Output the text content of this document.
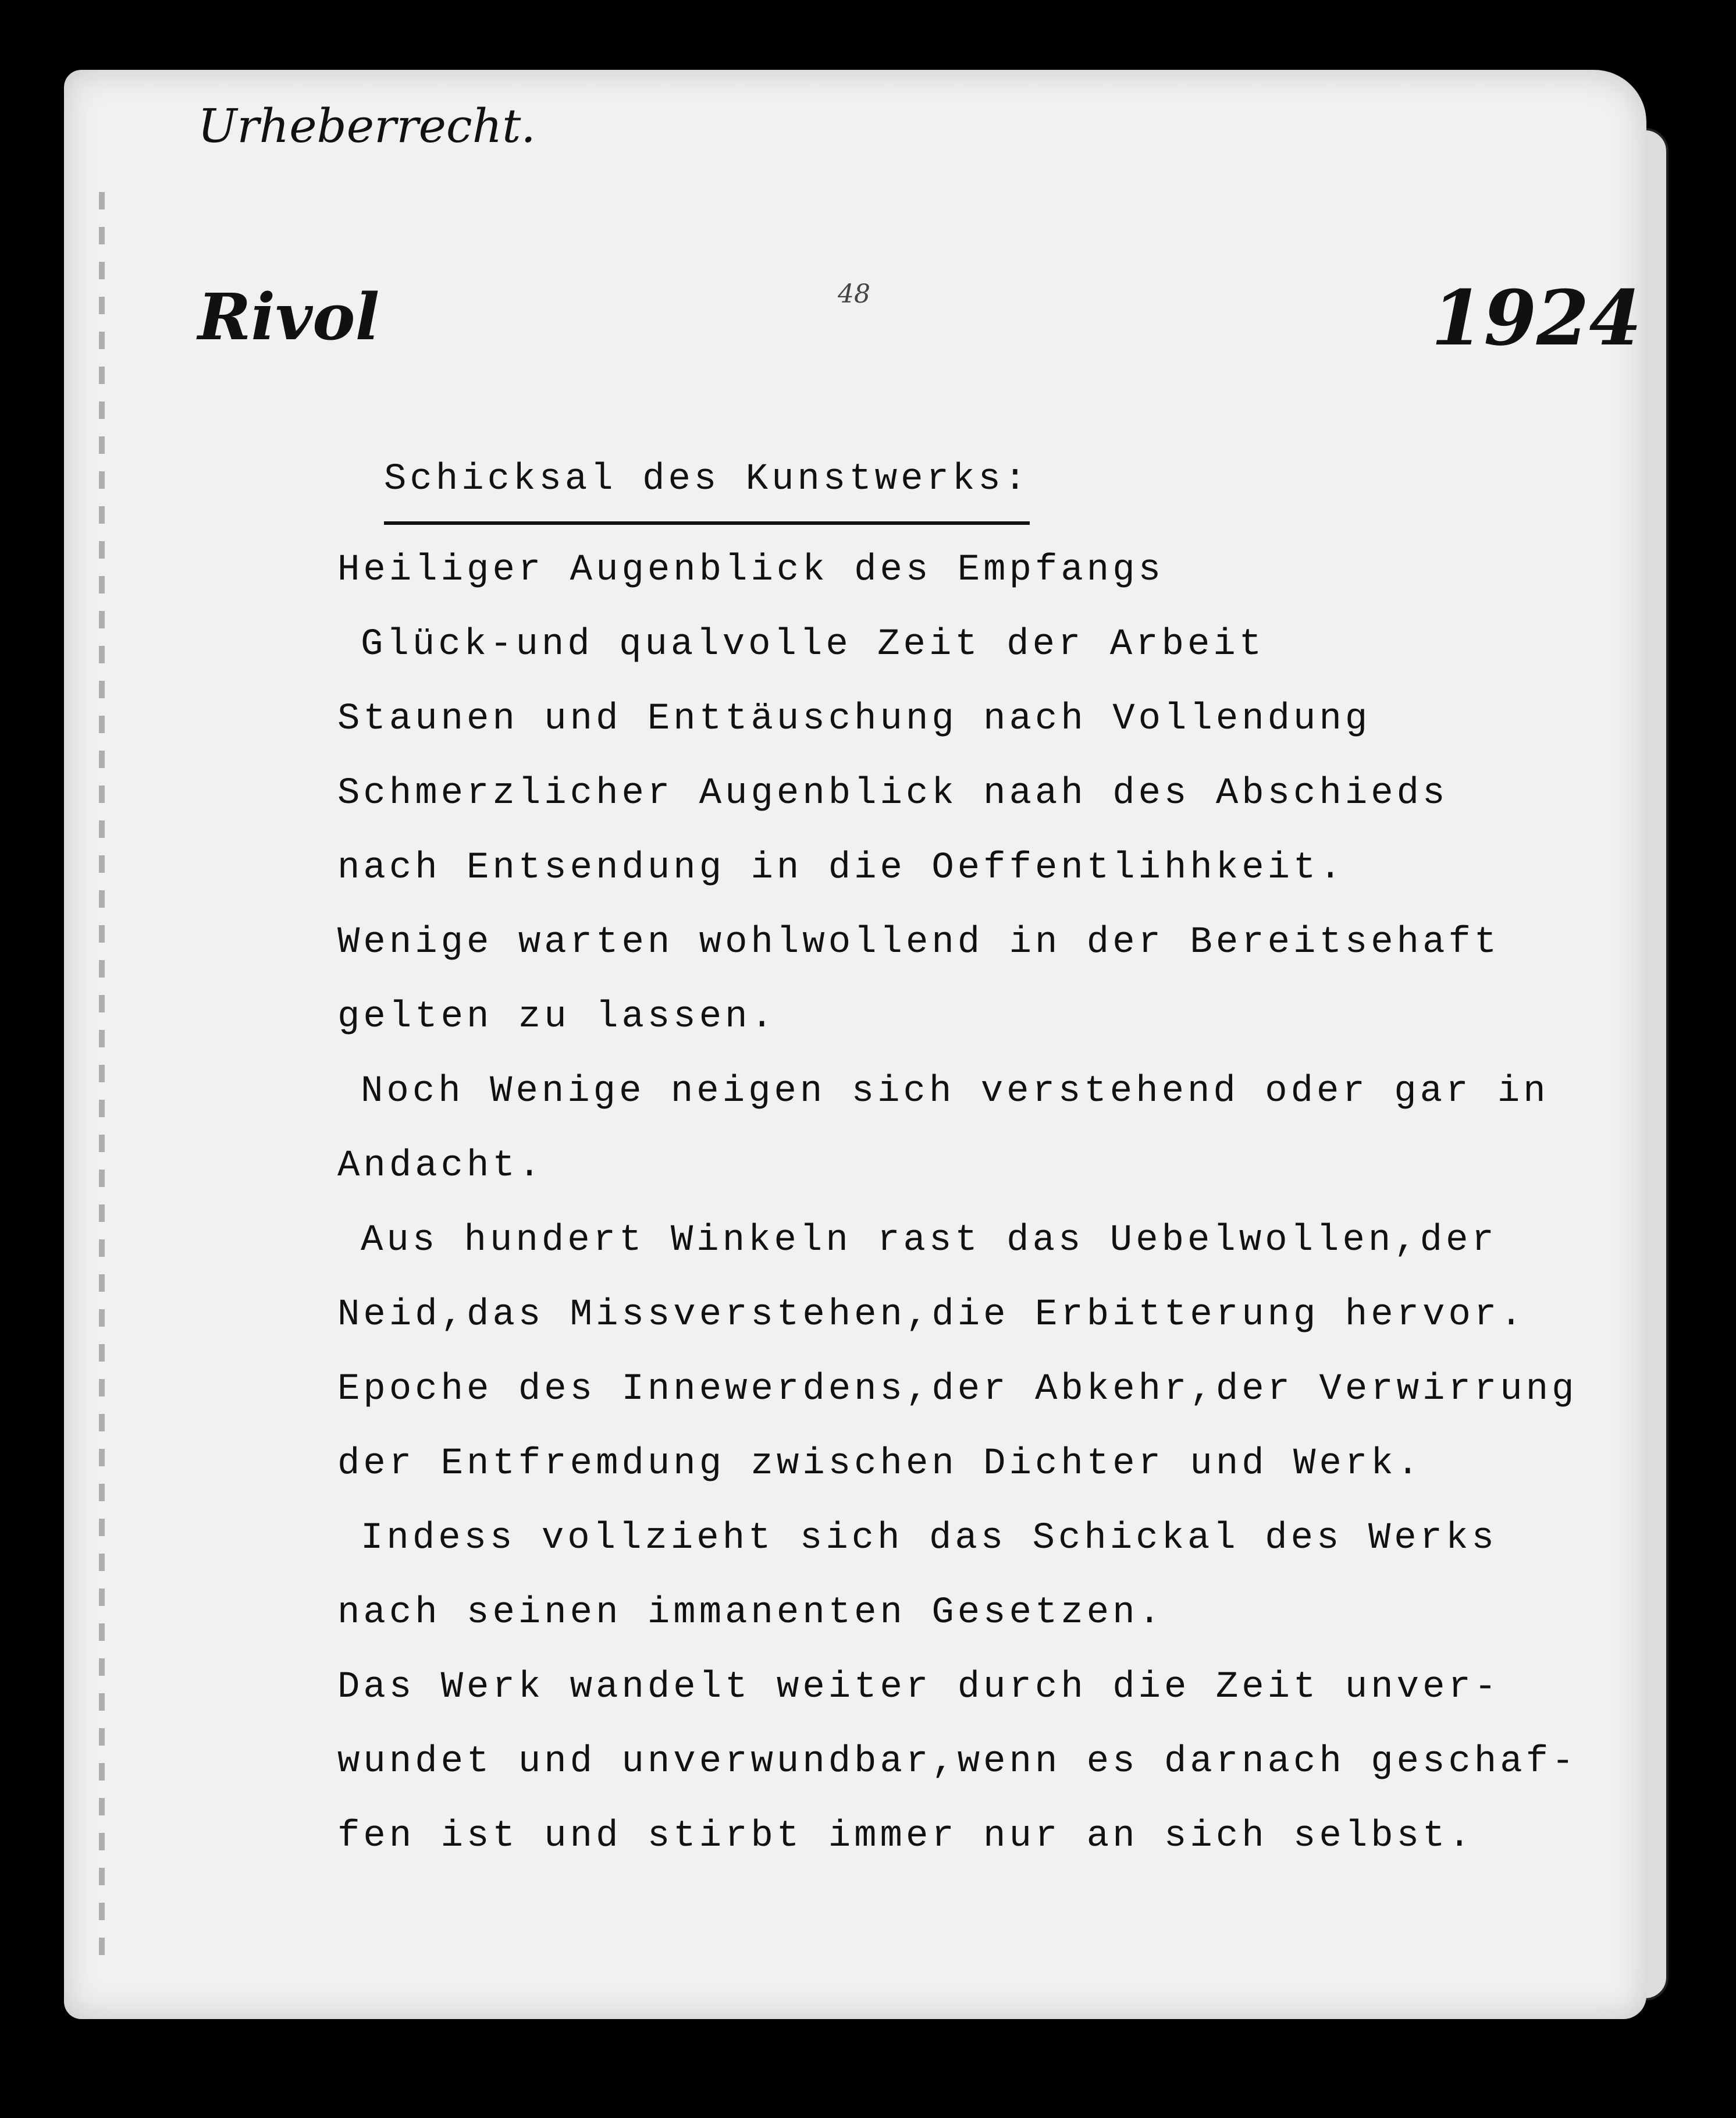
Urheberrecht.
Rivol	48	1924
Schicksal des Kunstwerks:
Heiliger Augenblick des Empfangs
Glück-und qualvolle Zeit der Arbeit
Staunen und Enttäuschung nach Vollendung
Schmerzlicher Augenblick naah des Abschieds
nach Entsendung in die Oeffentlihhkeit.
Wenige warten wohlwollend in der Bereitsehaft
gelten zu lassen.
Noch Wenige neigen sich verstehend oder gar in
Andacht.
Aus hundert Winkeln rast das Uebelwollen,der
Neid,das Missverstehen,die Erbitterung hervor.
Epoche des Innewerdens,der Abkehr,der Verwirrung
der Entfremdung zwischen Dichter und Werk.
Indess vollzieht sich das Schickal des Werks
nach seinen immanenten Gesetzen.
Das Werk wandelt weiter durch die Zeit unver-
wundet und unverwundbar,wenn es darnach geschaf-
fen ist und stirbt immer nur an sich selbst.
